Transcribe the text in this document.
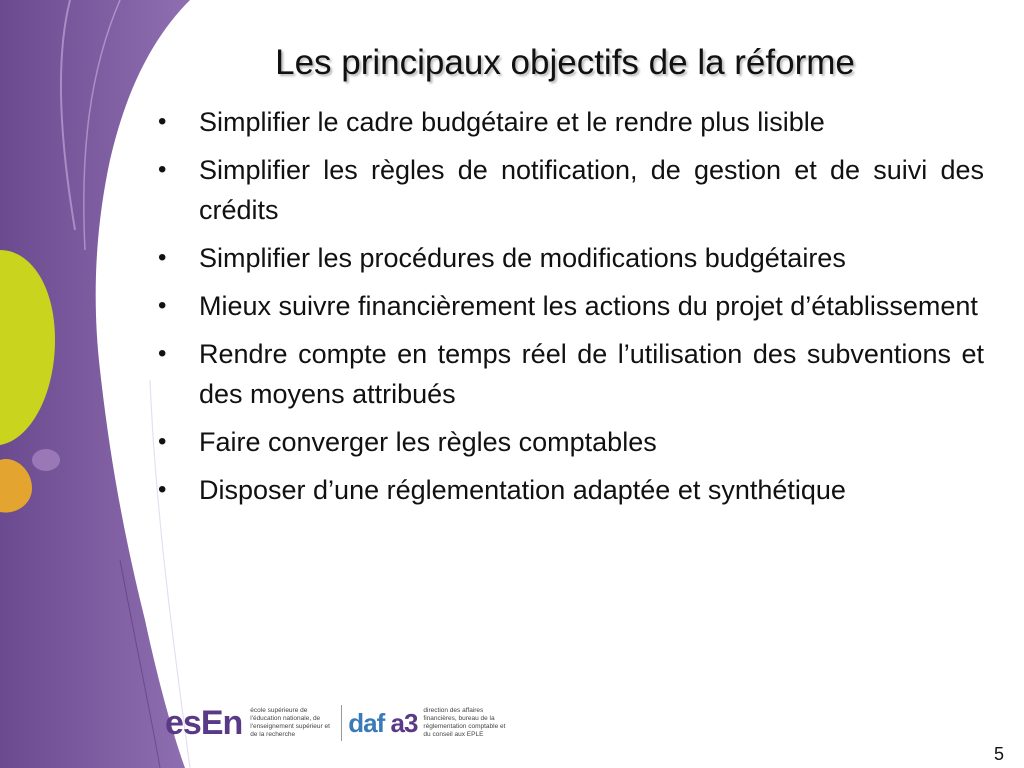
Les principaux objectifs de la réforme
• Simplifier le cadre budgétaire et le rendre plus lisible
• Simplifier les règles de notification, de gestion et de suivi des crédits
• Simplifier les procédures de modifications budgétaires
• Mieux suivre financièrement les actions du projet d’établissement
• Rendre compte en temps réel de l’utilisation des subventions et des moyens attribués
• Faire converger les règles comptables
• Disposer d’une réglementation adaptée et synthétique
esEn école supérieure de l'éducation nationale, de l'enseignement supérieur et de la recherche	daf a3 direction des affaires financières, bureau de la réglementation comptable et du conseil aux EPLE
5
